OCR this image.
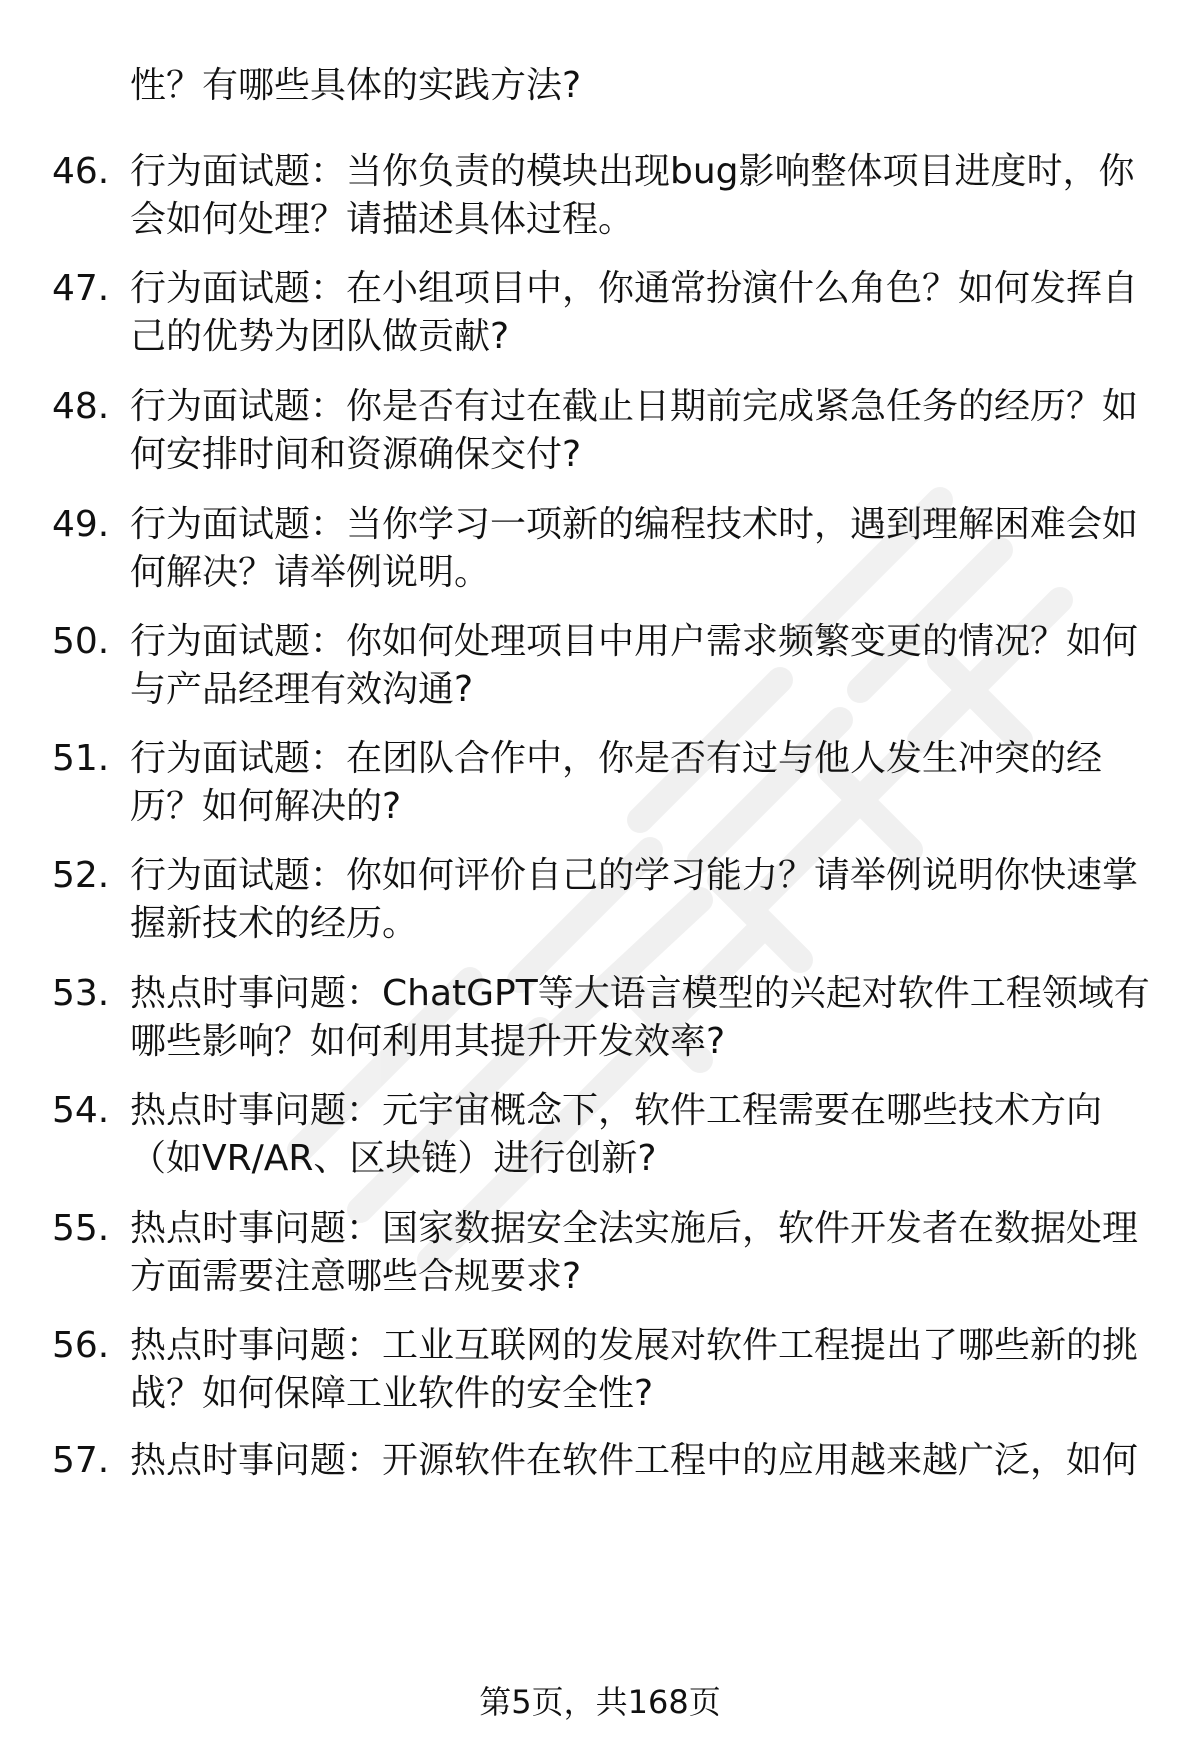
性？有哪些具体的实践方法?
46. 行为面试题：当你负责的模块出现bug影响整体项目进度时，你
会如何处理？请描述具体过程。
47. 行为面试题：在小组项目中，你通常扮演什么角色？如何发挥自
己的优势为团队做贡献?
48. 行为面试题：你是否有过在截止日期前完成紧急任务的经历？如
何安排时间和资源确保交付?
49. 行为面试题：当你学习一项新的编程技术时，遇到理解困难会如
何解决？请举例说明。
50. 行为面试题：你如何处理项目中用户需求频繁变更的情况？如何
与产品经理有效沟通?
51. 行为面试题：在团队合作中，你是否有过与他人发生冲突的经
历？如何解决的?
52. 行为面试题：你如何评价自己的学习能力？请举例说明你快速掌
握新技术的经历。
53. 热点时事问题：ChatGPT等大语言模型的兴起对软件工程领域有
哪些影响？如何利用其提升开发效率?
54. 热点时事问题：元宇宙概念下，软件工程需要在哪些技术方向
（如VR/AR、区块链）进行创新?
55. 热点时事问题：国家数据安全法实施后，软件开发者在数据处理
方面需要注意哪些合规要求?
56. 热点时事问题：工业互联网的发展对软件工程提出了哪些新的挑
战？如何保障工业软件的安全性?
57. 热点时事问题：开源软件在软件工程中的应用越来越广泛，如何
第5页，共168页
